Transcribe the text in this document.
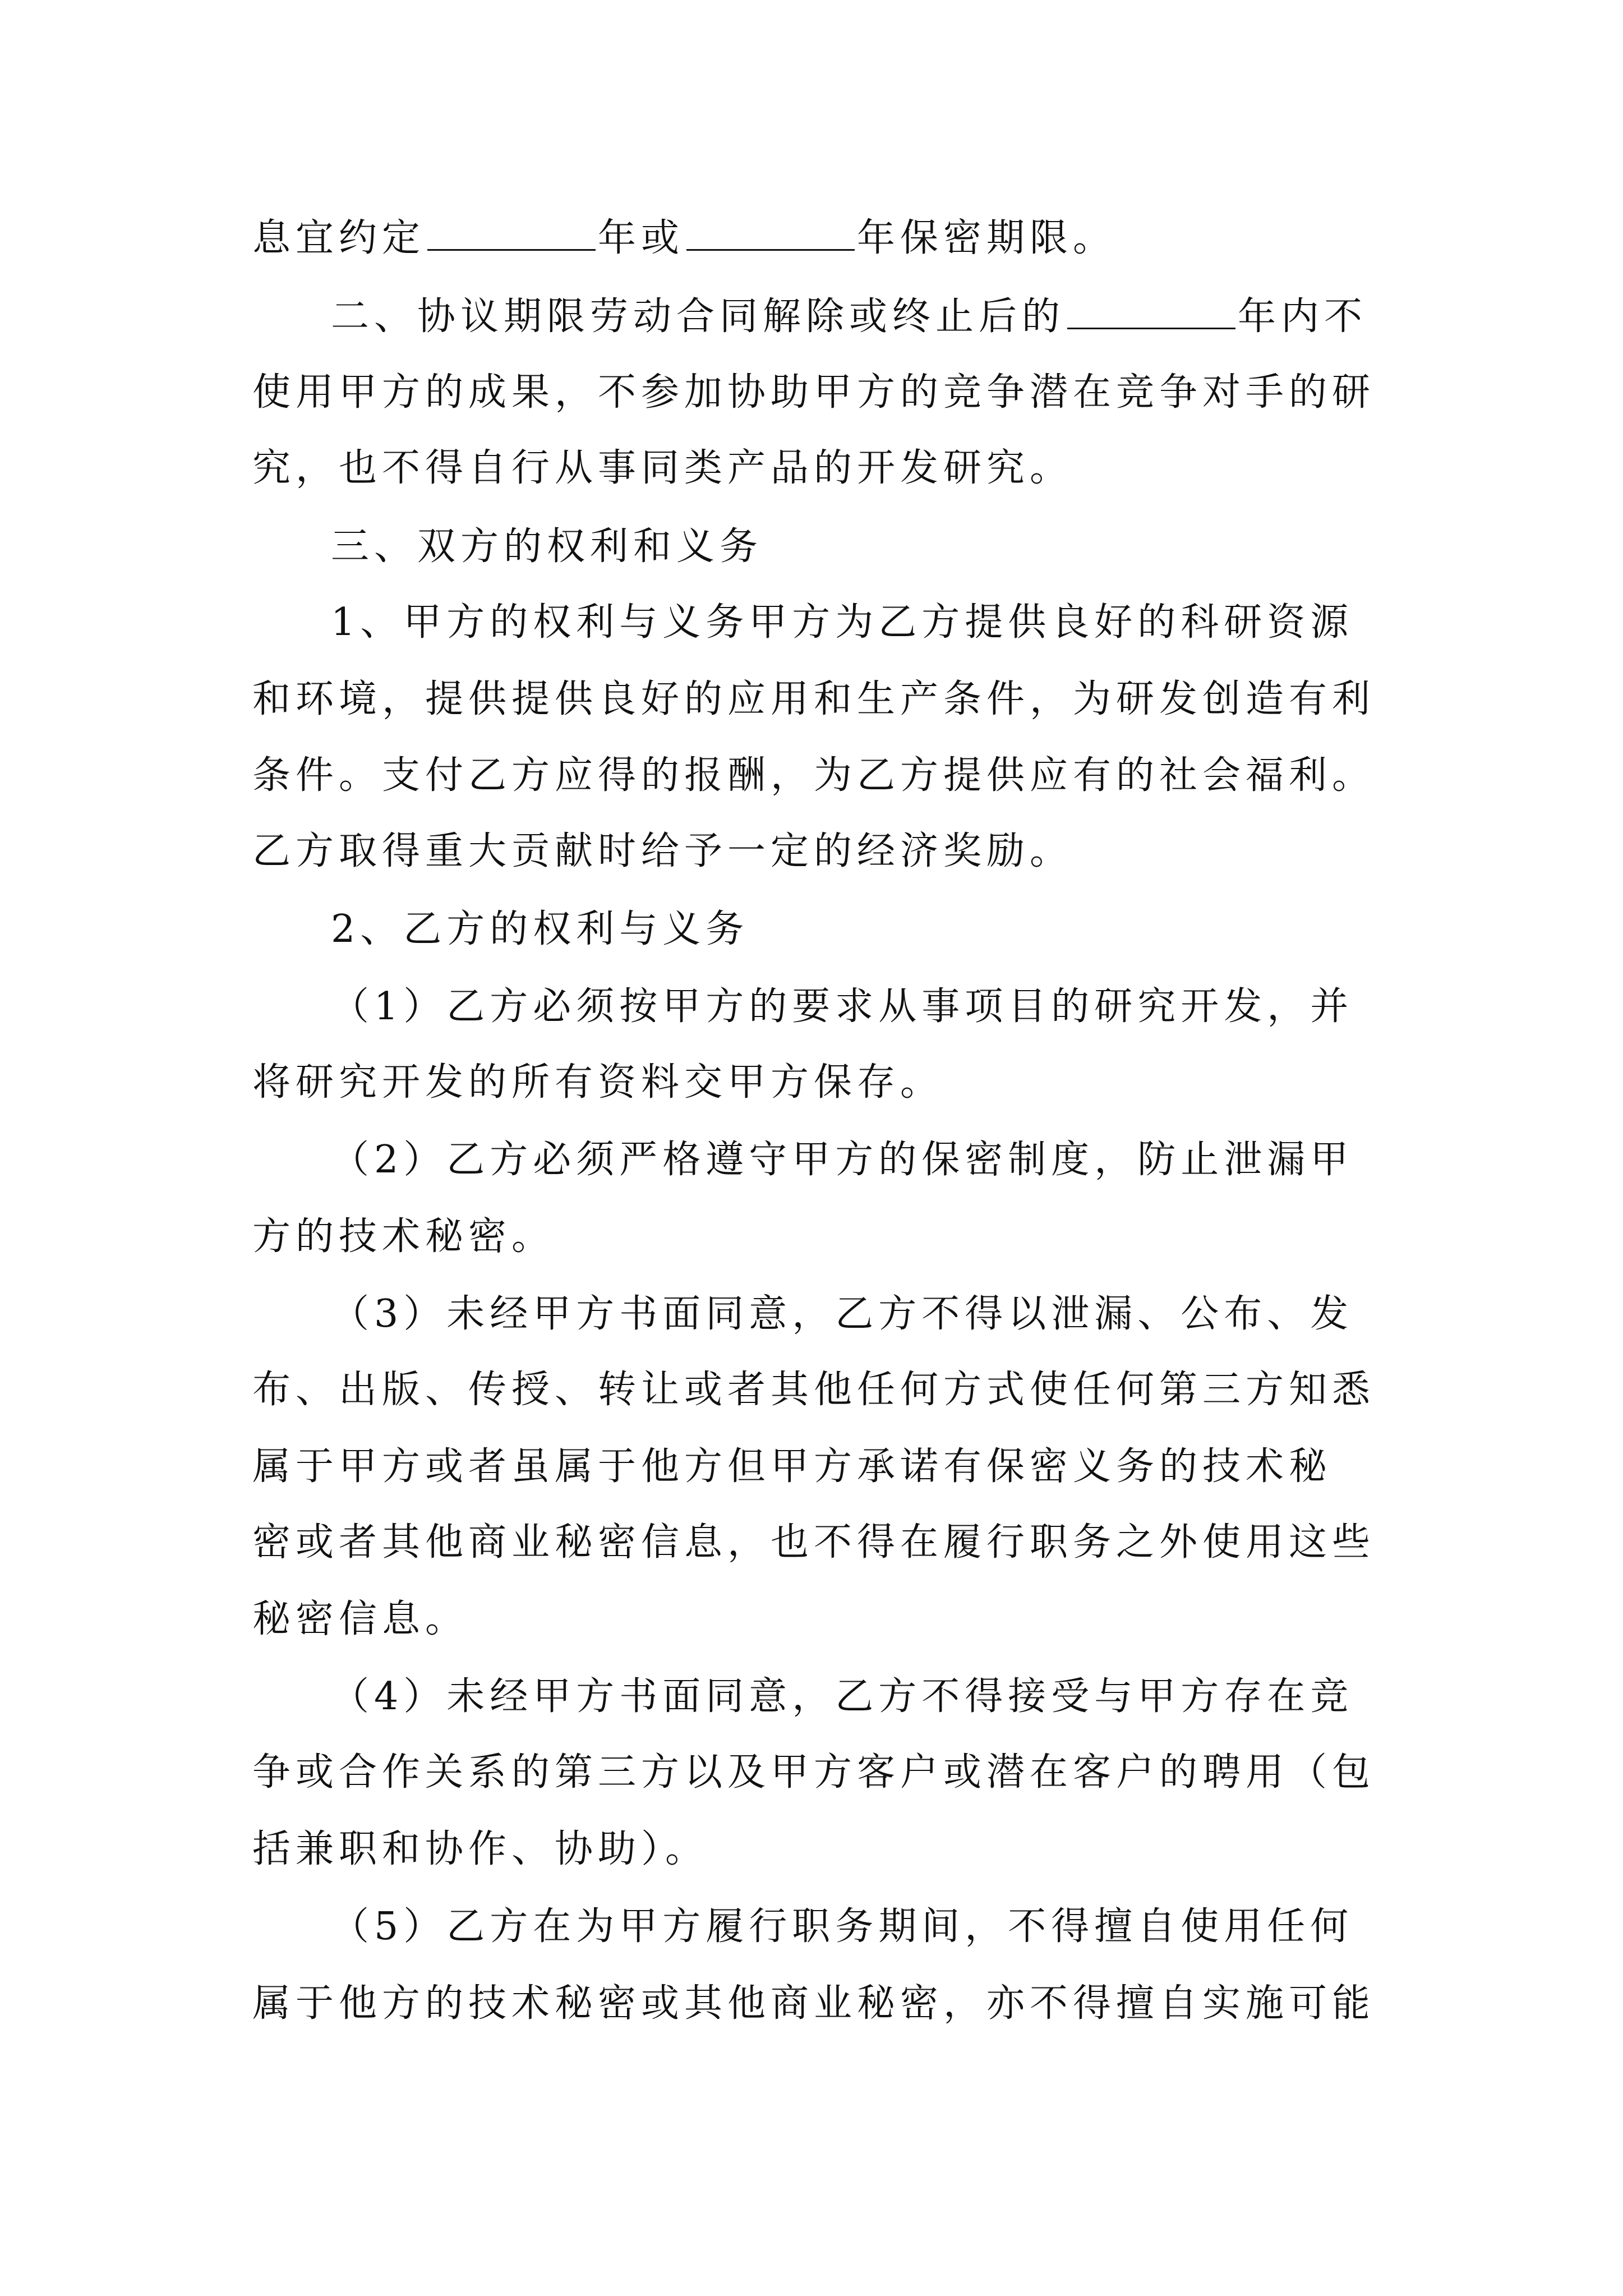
息宜约定	年或	年保密期限。
二、协议期限劳动合同解除或终止后的	年内不
使用甲方的成果，不参加协助甲方的竞争潜在竞争对手的研
究，也不得自行从事同类产品的开发研究。
三、双方的权利和义务
1、甲方的权利与义务甲方为乙方提供良好的科研资源
和环境，提供提供良好的应用和生产条件，为研发创造有利
条件。支付乙方应得的报酬，为乙方提供应有的社会福利。
乙方取得重大贡献时给予一定的经济奖励。
2、乙方的权利与义务
（1）乙方必须按甲方的要求从事项目的研究开发，并
将研究开发的所有资料交甲方保存。
（2）乙方必须严格遵守甲方的保密制度，防止泄漏甲
方的技术秘密。
（3）未经甲方书面同意，乙方不得以泄漏、公布、发
布、出版、传授、转让或者其他任何方式使任何第三方知悉
属于甲方或者虽属于他方但甲方承诺有保密义务的技术秘
密或者其他商业秘密信息，也不得在履行职务之外使用这些
秘密信息。
（4）未经甲方书面同意，乙方不得接受与甲方存在竞
争或合作关系的第三方以及甲方客户或潜在客户的聘用（包
括兼职和协作、协助）。
（5）乙方在为甲方履行职务期间，不得擅自使用任何
属于他方的技术秘密或其他商业秘密，亦不得擅自实施可能
